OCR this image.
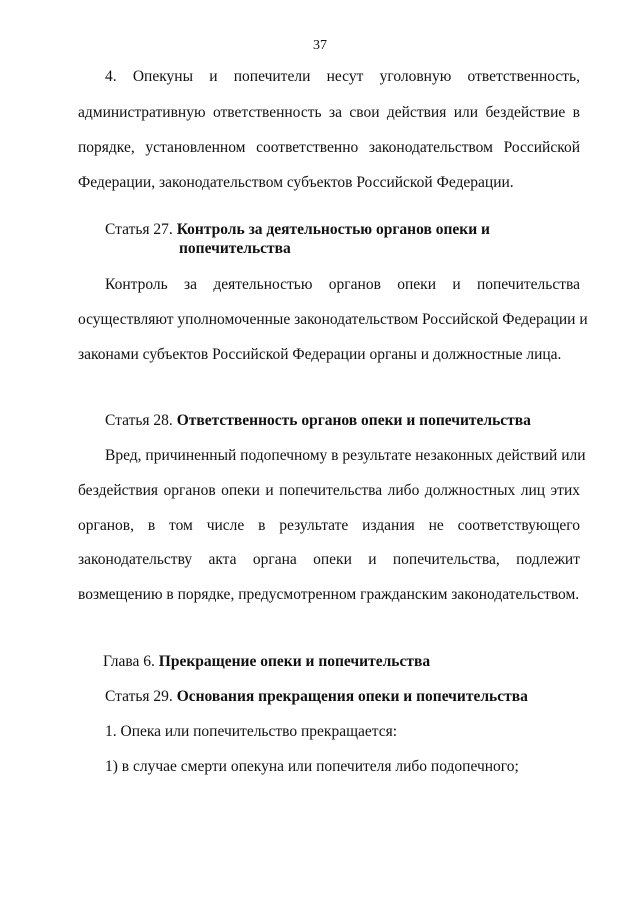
37
4. Опекуны и попечители несут уголовную ответственность,
административную ответственность за свои действия или бездействие в
порядке, установленном соответственно законодательством Российской
Федерации, законодательством субъектов Российской Федерации.
Статья 27. Контроль за деятельностью органов опеки и
попечительства
Контроль за деятельностью органов опеки и попечительства
осуществляют уполномоченные законодательством Российской Федерации и
законами субъектов Российской Федерации органы и должностные лица.
Статья 28. Ответственность органов опеки и попечительства
Вред, причиненный подопечному в результате незаконных действий или
бездействия органов опеки и попечительства либо должностных лиц этих
органов, в том числе в результате издания не соответствующего
законодательству акта органа опеки и попечительства, подлежит
возмещению в порядке, предусмотренном гражданским законодательством.
Глава 6. Прекращение опеки и попечительства
Статья 29. Основания прекращения опеки и попечительства
1. Опека или попечительство прекращается:
1) в случае смерти опекуна или попечителя либо подопечного;
